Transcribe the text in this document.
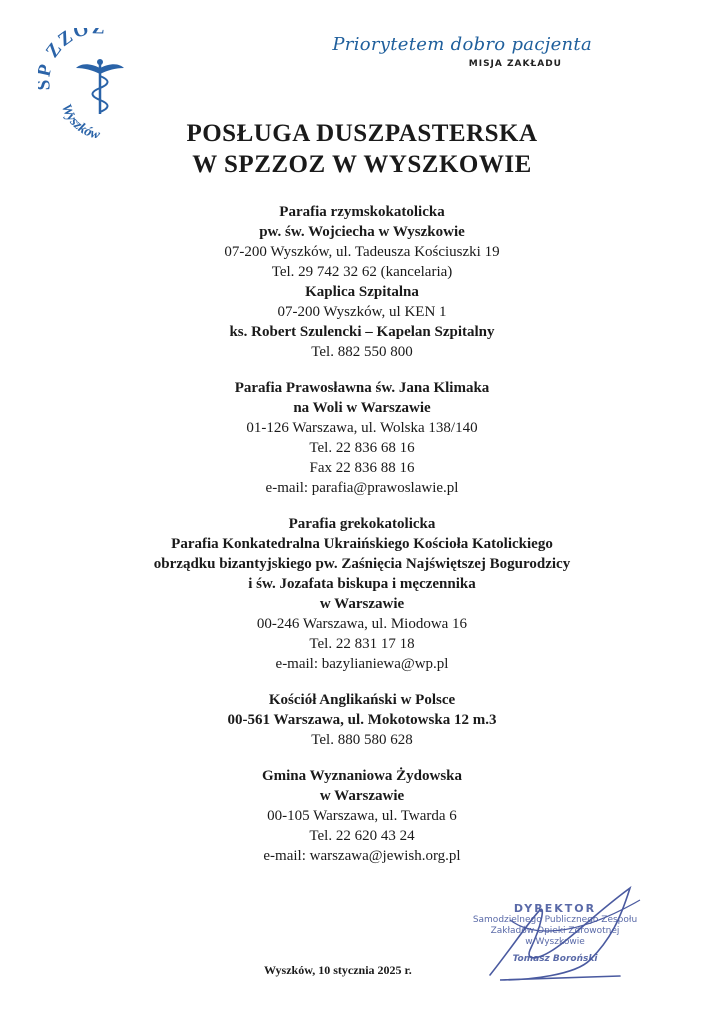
ZZO
Wyszków
Priorytetem dobro pacjenta
MISJA ZAKŁADU
POSŁUGA DUSZPASTERSKA
W SPZZOZ W WYSZKOWIE
Parafia rzymskokatolicka
pw. św. Wojciecha w Wyszkowie
07-200 Wyszków, ul. Tadeusza Kościuszki 19
Tel. 29 742 32 62 (kancelaria)
Kaplica Szpitalna
07-200 Wyszków, ul KEN 1
ks. Robert Szulencki – Kapelan Szpitalny
Tel. 882 550 800
Parafia Prawosławna św. Jana Klimaka
na Woli w Warszawie
01-126 Warszawa, ul. Wolska 138/140
Tel. 22 836 68 16
Fax 22 836 88 16
e-mail: parafia@prawoslawie.pl
Parafia grekokatolicka
Parafia Konkatedralna Ukraińskiego Kościoła Katolickiego
obrządku bizantyjskiego pw. Zaśnięcia Najświętszej Bogurodzicy
i św. Jozafata biskupa i męczennika
w Warszawie
00-246 Warszawa, ul. Miodowa 16
Tel. 22 831 17 18
e-mail: bazylianiewa@wp.pl
Kościół Anglikański w Polsce
00-561 Warszawa, ul. Mokotowska 12 m.3
Tel. 880 580 628
Gmina Wyznaniowa Żydowska
w Warszawie
00-105 Warszawa, ul. Twarda 6
Tel. 22 620 43 24
e-mail: warszawa@jewish.org.pl
Wyszków, 10 stycznia 2025 r.
DYREKTOR
Samodzielnego Publicznego Zespołu
Zakładów Opieki Zdrowotnej
w Wyszkowie
Tomasz Boroński
